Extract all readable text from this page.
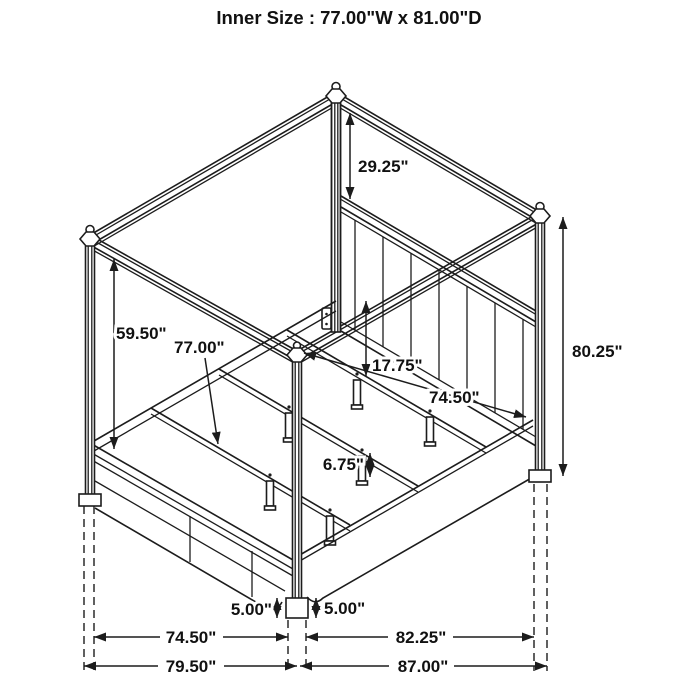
29.25"
59.50"
77.00"
17.75"
74.50"
80.25"
6.75"
5.00"	5.00"
74.50"	82.25"
79.50"	87.00"
Inner Size : 77.00"W x 81.00"D
